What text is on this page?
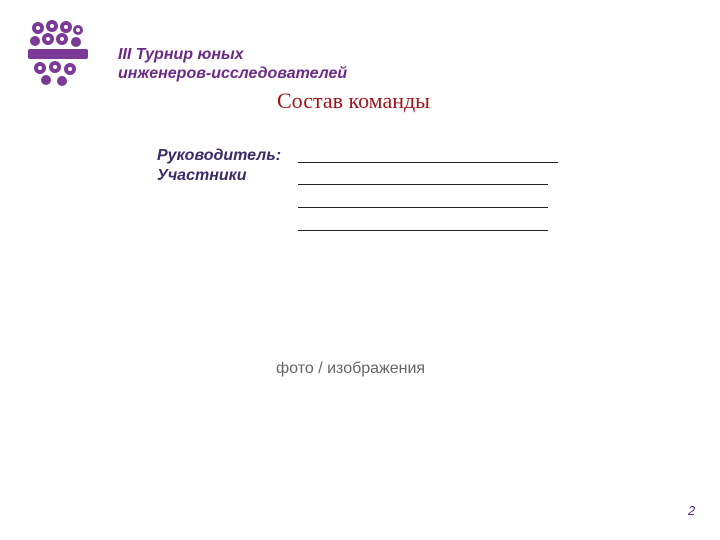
III Турнир юных
инженеров-исследователей
Состав команды
Руководитель:
Участники
фото / изображения
2
